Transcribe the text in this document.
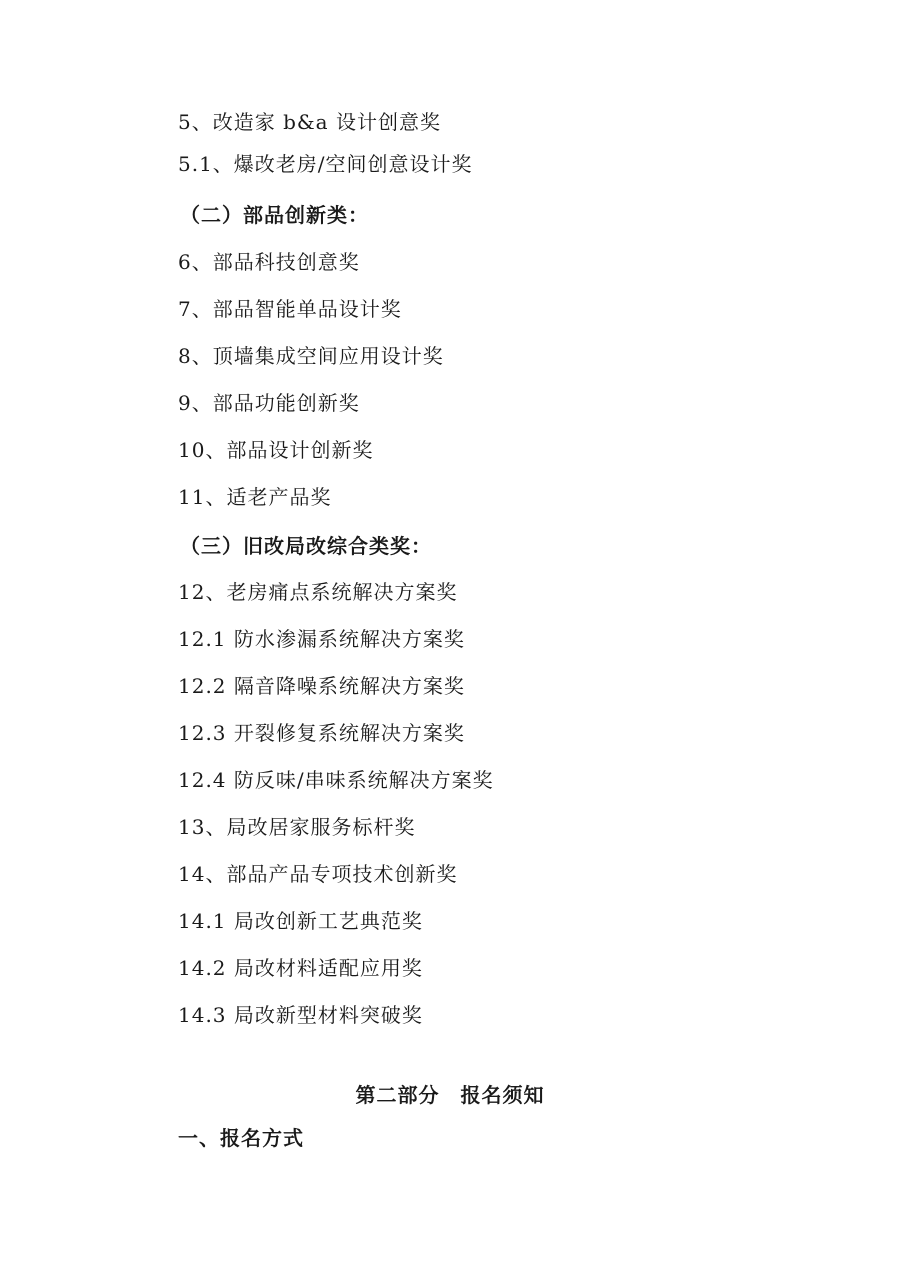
5、改造家 b&a 设计创意奖
5.1、爆改老房/空间创意设计奖
（二）部品创新类：
6、部品科技创意奖
7、部品智能单品设计奖
8、顶墙集成空间应用设计奖
9、部品功能创新奖
10、部品设计创新奖
11、适老产品奖
（三）旧改局改综合类奖：
12、老房痛点系统解决方案奖
12.1 防水渗漏系统解决方案奖
12.2 隔音降噪系统解决方案奖
12.3 开裂修复系统解决方案奖
12.4 防反味/串味系统解决方案奖
13、局改居家服务标杆奖
14、部品产品专项技术创新奖
14.1 局改创新工艺典范奖
14.2 局改材料适配应用奖
14.3 局改新型材料突破奖
第二部分　报名须知
一、报名方式
